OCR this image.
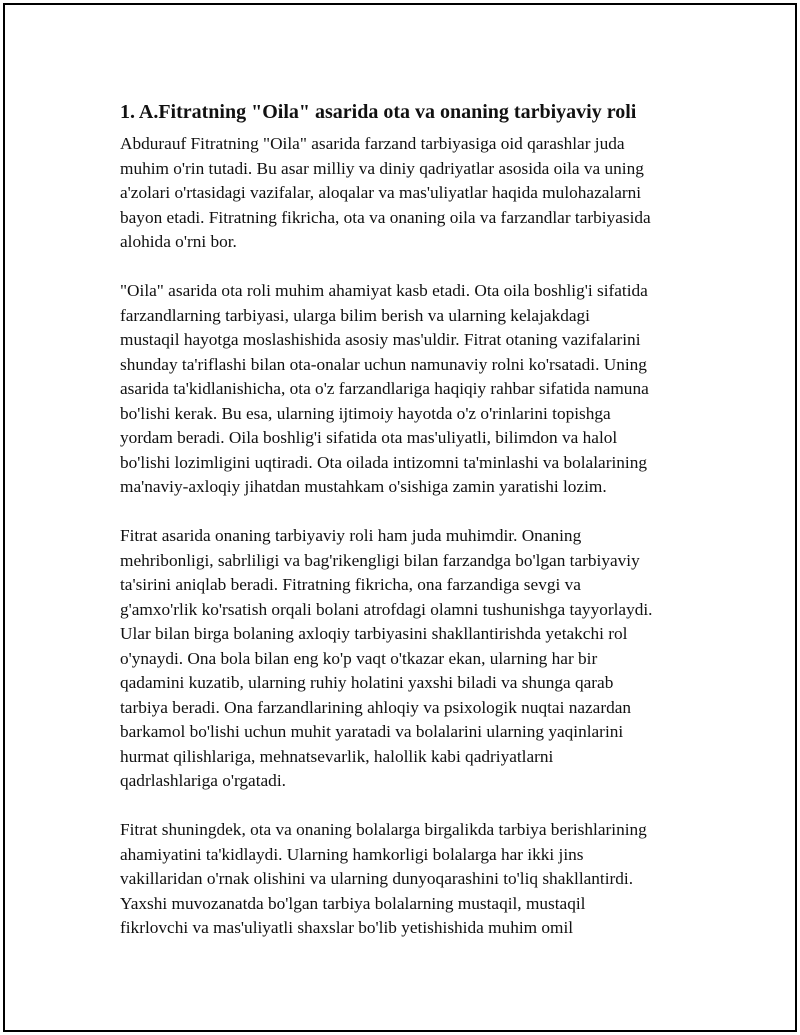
1. A.Fitratning "Oila" asarida ota va onaning tarbiyaviy roli

Abdurauf Fitratning "Oila" asarida farzand tarbiyasiga oid qarashlar juda
muhim o'rin tutadi. Bu asar milliy va diniy qadriyatlar asosida oila va uning
a'zolari o'rtasidagi vazifalar, aloqalar va mas'uliyatlar haqida mulohazalarni
bayon etadi. Fitratning fikricha, ota va onaning oila va farzandlar tarbiyasida
alohida o'rni bor.

"Oila" asarida ota roli muhim ahamiyat kasb etadi. Ota oila boshlig'i sifatida
farzandlarning tarbiyasi, ularga bilim berish va ularning kelajakdagi
mustaqil hayotga moslashishida asosiy mas'uldir. Fitrat otaning vazifalarini
shunday ta'riflashi bilan ota-onalar uchun namunaviy rolni ko'rsatadi. Uning
asarida ta'kidlanishicha, ota o'z farzandlariga haqiqiy rahbar sifatida namuna
bo'lishi kerak. Bu esa, ularning ijtimoiy hayotda o'z o'rinlarini topishga
yordam beradi. Oila boshlig'i sifatida ota mas'uliyatli, bilimdon va halol
bo'lishi lozimligini uqtiradi. Ota oilada intizomni ta'minlashi va bolalarining
ma'naviy-axloqiy jihatdan mustahkam o'sishiga zamin yaratishi lozim.

Fitrat asarida onaning tarbiyaviy roli ham juda muhimdir. Onaning
mehribonligi, sabrliligi va bag'rikengligi bilan farzandga bo'lgan tarbiyaviy
ta'sirini aniqlab beradi. Fitratning fikricha, ona farzandiga sevgi va
g'amxo'rlik ko'rsatish orqali bolani atrofdagi olamni tushunishga tayyorlaydi.
Ular bilan birga bolaning axloqiy tarbiyasini shakllantirishda yetakchi rol
o'ynaydi. Ona bola bilan eng ko'p vaqt o'tkazar ekan, ularning har bir
qadamini kuzatib, ularning ruhiy holatini yaxshi biladi va shunga qarab
tarbiya beradi. Ona farzandlarining ahloqiy va psixologik nuqtai nazardan
barkamol bo'lishi uchun muhit yaratadi va bolalarini ularning yaqinlarini
hurmat qilishlariga, mehnatsevarlik, halollik kabi qadriyatlarni
qadrlashlariga o'rgatadi.

Fitrat shuningdek, ota va onaning bolalarga birgalikda tarbiya berishlarining
ahamiyatini ta'kidlaydi. Ularning hamkorligi bolalarga har ikki jins
vakillaridan o'rnak olishini va ularning dunyoqarashini to'liq shakllantirdi.
Yaxshi muvozanatda bo'lgan tarbiya bolalarning mustaqil, mustaqil
fikrlovchi va mas'uliyatli shaxslar bo'lib yetishishida muhim omil
